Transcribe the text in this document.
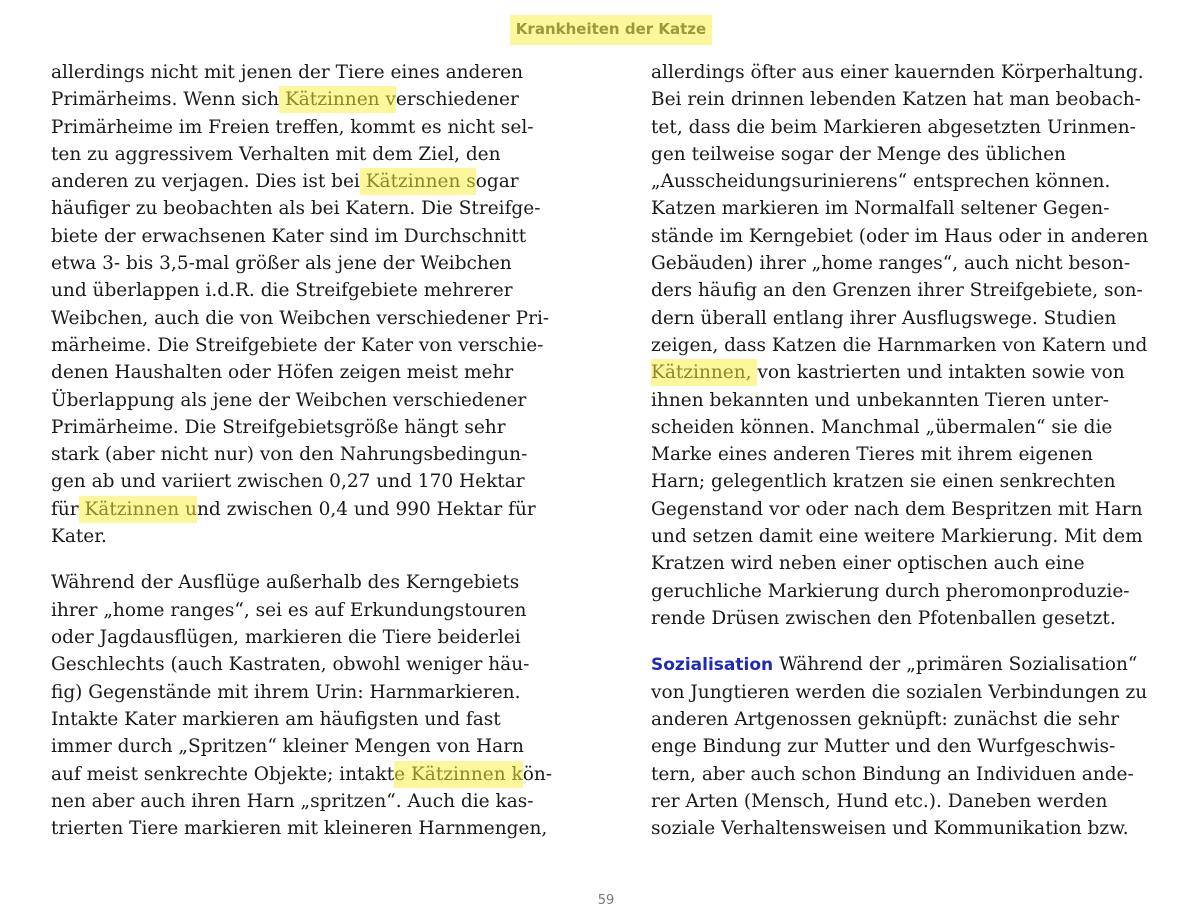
Krankheiten der Katze
allerdings nicht mit jenen der Tiere eines anderen
Primärheims. Wenn sich Kätzinnen verschiedener
Primärheime im Freien treffen, kommt es nicht sel-
ten zu aggressivem Verhalten mit dem Ziel, den
anderen zu verjagen. Dies ist bei Kätzinnen sogar
häufiger zu beobachten als bei Katern. Die Streifge-
biete der erwachsenen Kater sind im Durchschnitt
etwa 3- bis 3,5-mal größer als jene der Weibchen
und überlappen i.d.R. die Streifgebiete mehrerer
Weibchen, auch die von Weibchen verschiedener Pri-
märheime. Die Streifgebiete der Kater von verschie-
denen Haushalten oder Höfen zeigen meist mehr
Überlappung als jene der Weibchen verschiedener
Primärheime. Die Streifgebietsgröße hängt sehr
stark (aber nicht nur) von den Nahrungsbedingun-
gen ab und variiert zwischen 0,27 und 170 Hektar
für Kätzinnen und zwischen 0,4 und 990 Hektar für
Kater.
Während der Ausflüge außerhalb des Kerngebiets
ihrer „home ranges“, sei es auf Erkundungstouren
oder Jagdausflügen, markieren die Tiere beiderlei
Geschlechts (auch Kastraten, obwohl weniger häu-
fig) Gegenstände mit ihrem Urin: Harnmarkieren.
Intakte Kater markieren am häufigsten und fast
immer durch „Spritzen“ kleiner Mengen von Harn
auf meist senkrechte Objekte; intakte Kätzinnen kön-
nen aber auch ihren Harn „spritzen“. Auch die kas-
trierten Tiere markieren mit kleineren Harnmengen,
allerdings öfter aus einer kauernden Körperhaltung.
Bei rein drinnen lebenden Katzen hat man beobach-
tet, dass die beim Markieren abgesetzten Urinmen-
gen teilweise sogar der Menge des üblichen
„Ausscheidungsurinierens“ entsprechen können.
Katzen markieren im Normalfall seltener Gegen-
stände im Kerngebiet (oder im Haus oder in anderen
Gebäuden) ihrer „home ranges“, auch nicht beson-
ders häufig an den Grenzen ihrer Streifgebiete, son-
dern überall entlang ihrer Ausflugswege. Studien
zeigen, dass Katzen die Harnmarken von Katern und
Kätzinnen, von kastrierten und intakten sowie von
ihnen bekannten und unbekannten Tieren unter-
scheiden können. Manchmal „übermalen“ sie die
Marke eines anderen Tieres mit ihrem eigenen
Harn; gelegentlich kratzen sie einen senkrechten
Gegenstand vor oder nach dem Bespritzen mit Harn
und setzen damit eine weitere Markierung. Mit dem
Kratzen wird neben einer optischen auch eine
geruchliche Markierung durch pheromonproduzie-
rende Drüsen zwischen den Pfotenballen gesetzt.
Sozialisation Während der „primären Sozialisation“
von Jungtieren werden die sozialen Verbindungen zu
anderen Artgenossen geknüpft: zunächst die sehr
enge Bindung zur Mutter und den Wurfgeschwis-
tern, aber auch schon Bindung an Individuen ande-
rer Arten (Mensch, Hund etc.). Daneben werden
soziale Verhaltensweisen und Kommunikation bzw.
59
